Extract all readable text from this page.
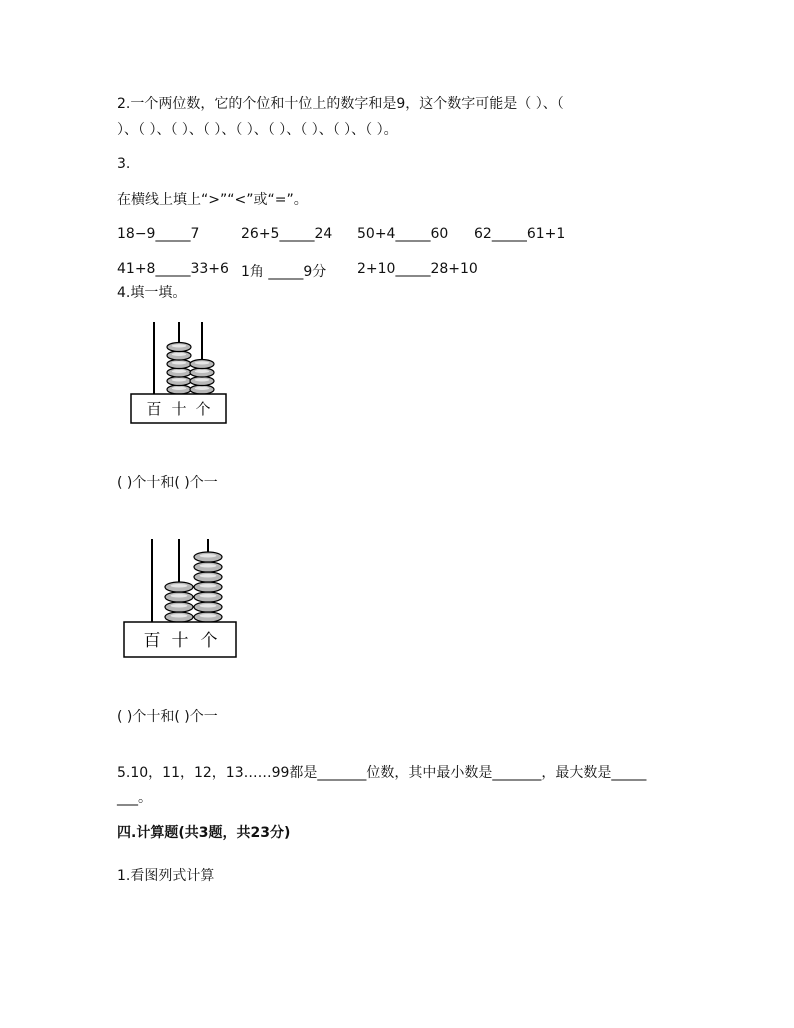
2.一个两位数，它的个位和十位上的数字和是9，这个数字可能是（ ）、（
）、（ ）、（ ）、（ ）、（ ）、（ ）、（ ）、（ ）、（ ）。
3.
在横线上填上“>”“<”或“=”。
18−9_____7	26+5_____24 50+4_____60 62_____61+1
41+8_____33+6 1角 _____9分 2+10_____28+10
4.填一填。
百 十 个
( )个十和( )个一
百 十 个
( )个十和( )个一
5.10，11，12，13……99都是_______位数，其中最小数是_______，最大数是_____
___。
四.计算题(共3题，共23分)
1.看图列式计算
